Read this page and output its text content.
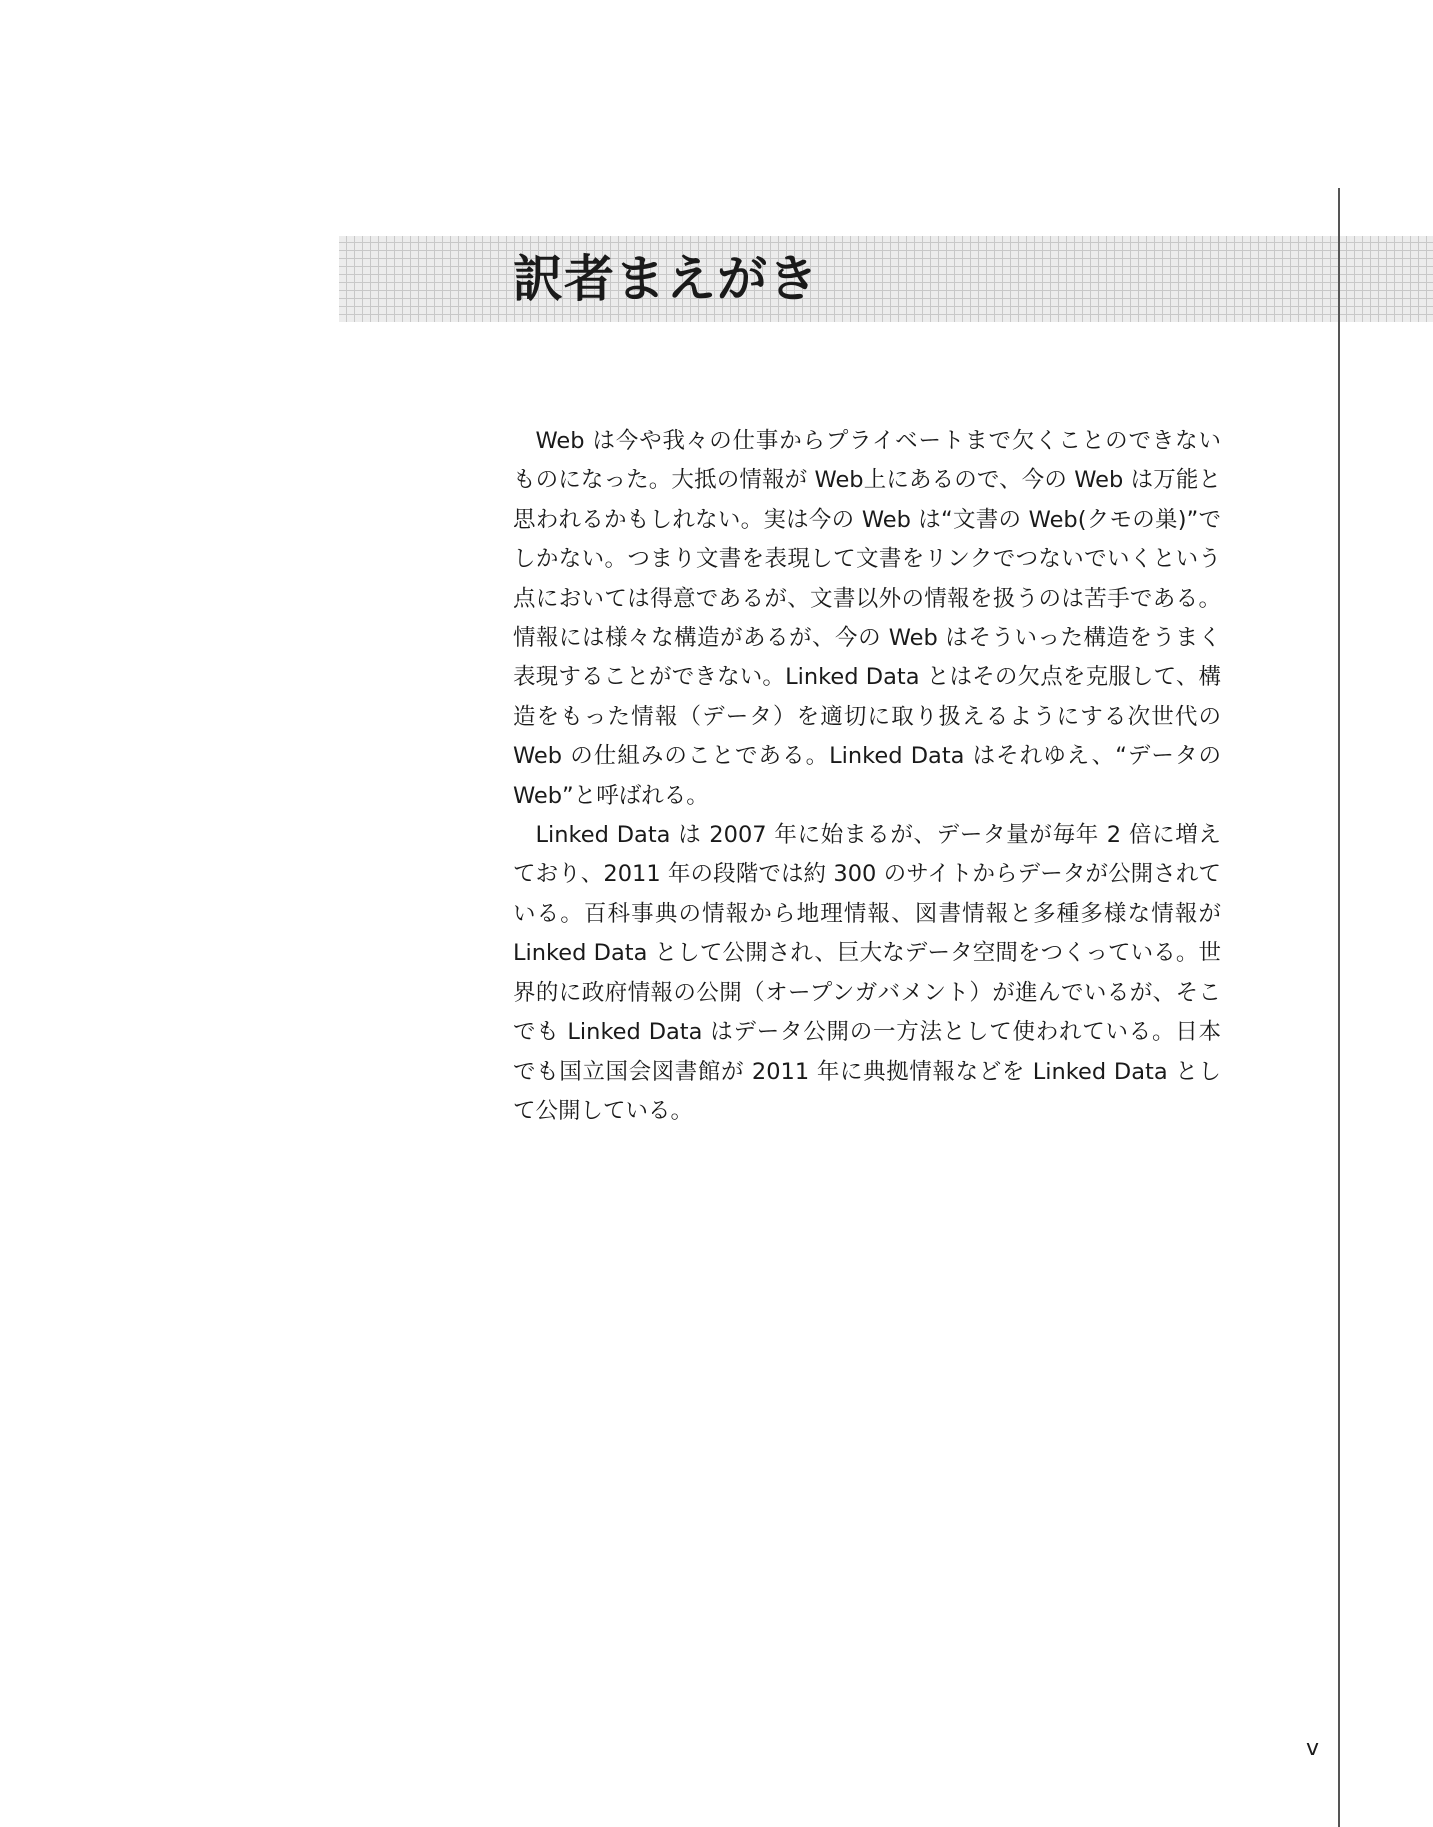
訳者まえがき

Web は今や我々の仕事からプライベートまで欠くことのできないものになった。大抵の情報が Web上にあるので、今の Web は万能と思われるかもしれない。実は今の Web は“文書の Web(クモの巣)”でしかない。つまり文書を表現して文書をリンクでつないでいくという点においては得意であるが、文書以外の情報を扱うのは苦手である。情報には様々な構造があるが、今の Web はそういった構造をうまく表現することができない。Linked Data とはその欠点を克服して、構造をもった情報（データ）を適切に取り扱えるようにする次世代の Web の仕組みのことである。Linked Data はそれゆえ、“データの Web”と呼ばれる。

Linked Data は 2007 年に始まるが、データ量が毎年 2 倍に増えており、2011 年の段階では約 300 のサイトからデータが公開されている。百科事典の情報から地理情報、図書情報と多種多様な情報が Linked Data として公開され、巨大なデータ空間をつくっている。世界的に政府情報の公開（オープンガバメント）が進んでいるが、そこでも Linked Data はデータ公開の一方法として使われている。日本でも国立国会図書館が 2011 年に典拠情報などを Linked Data として公開している。

v
